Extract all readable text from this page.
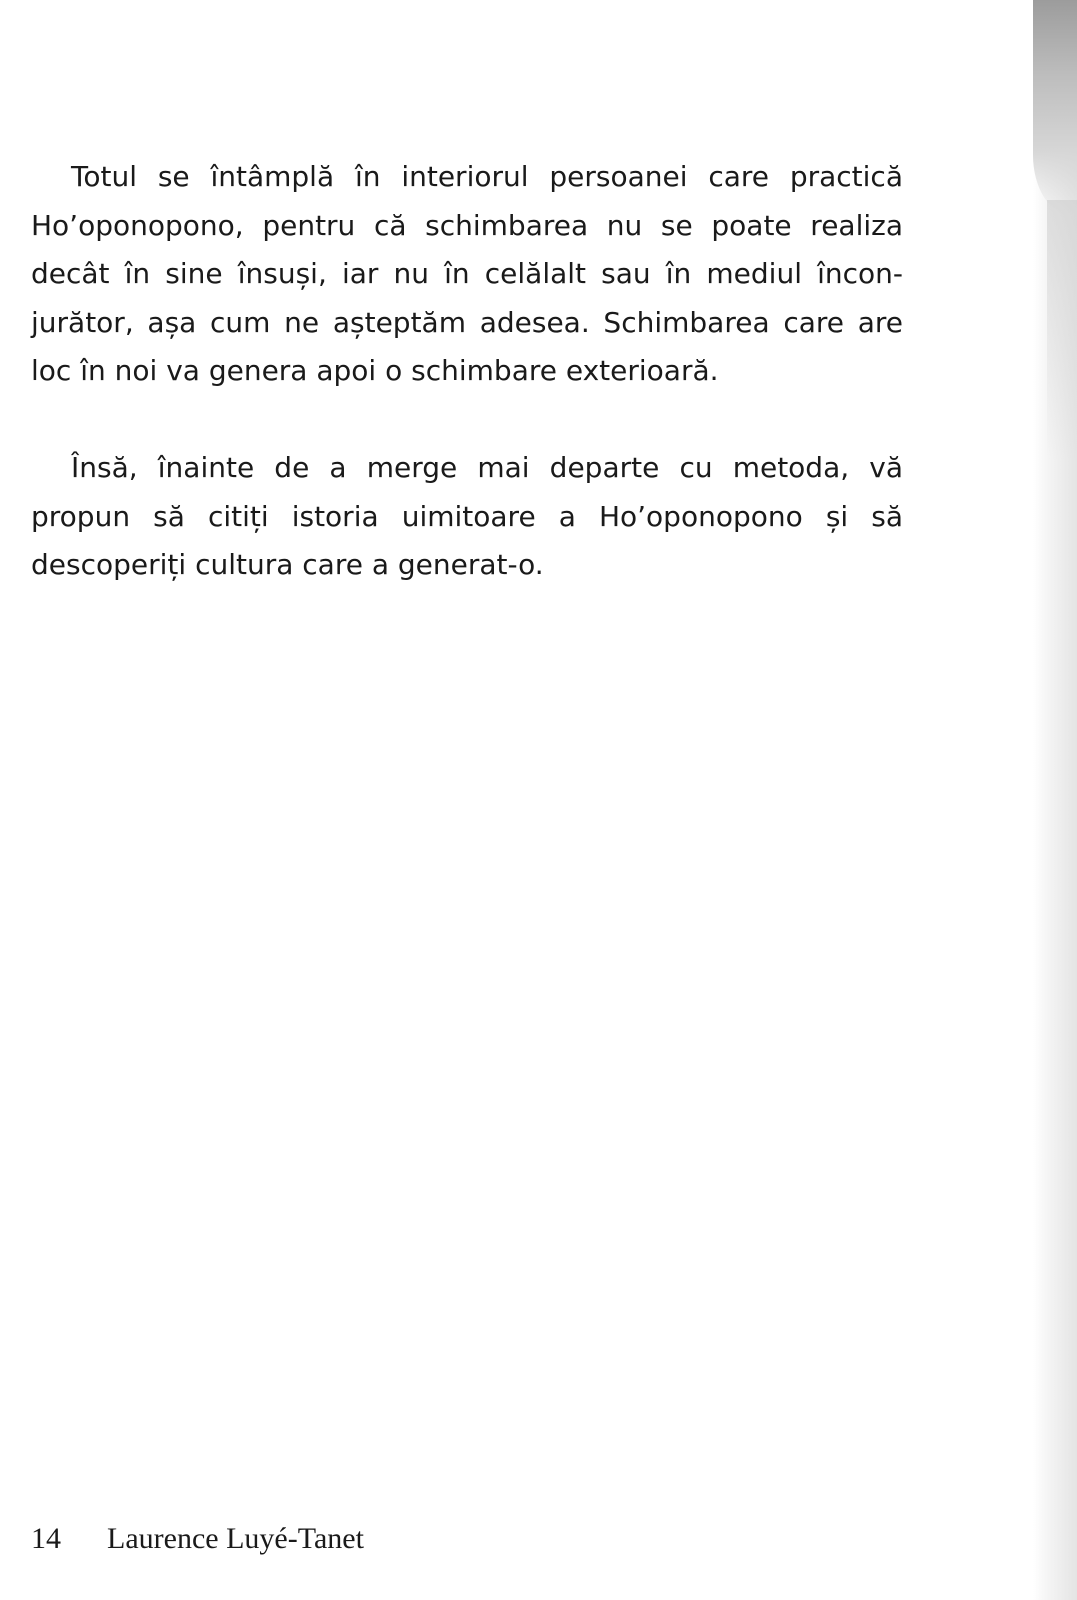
Totul se întâmplă în interiorul persoanei care practică Ho’oponopono, pentru că schimbarea nu se poate realiza decât în sine însuși, iar nu în celălalt sau în mediul înconjurător, așa cum ne așteptăm adesea. Schimbarea care are loc în noi va genera apoi o schimbare exterioară.

Însă, înainte de a merge mai departe cu metoda, vă propun să citiți istoria uimitoare a Ho’oponopono și să descoperiți cultura care a generat-o.

14 Laurence Luyé-Tanet
